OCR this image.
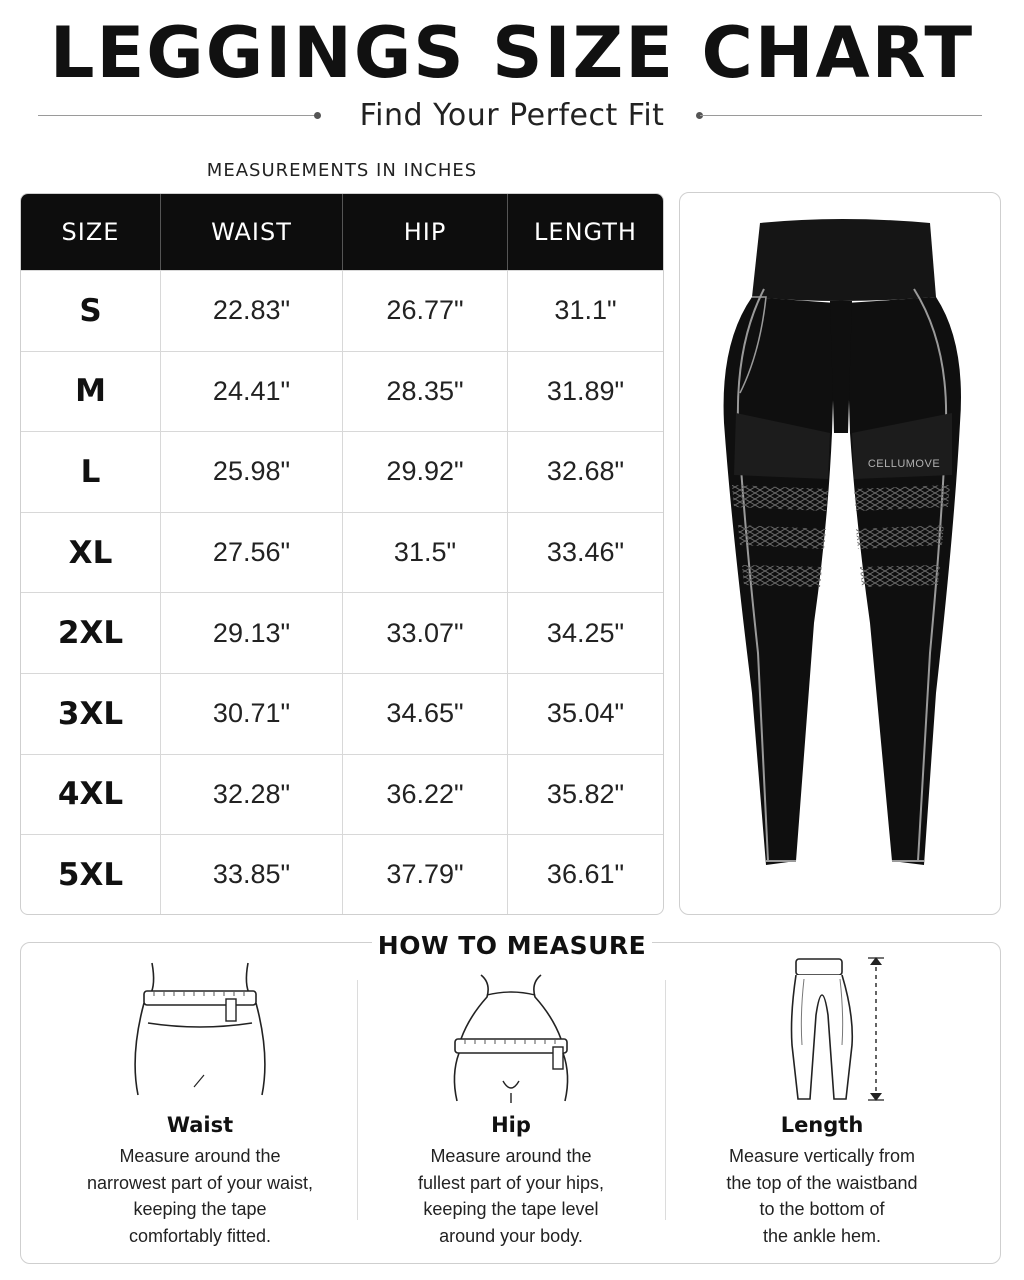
LEGGINGS SIZE CHART
Find Your Perfect Fit
MEASUREMENTS IN INCHES
SIZE	WAIST	HIP	LENGTH
S	22.83"	26.77"	31.1"
M	24.41"	28.35"	31.89"
L	25.98"	29.92"	32.68"
XL	27.56"	31.5"	33.46"
2XL	29.13"	33.07"	34.25"
3XL	30.71"	34.65"	35.04"
4XL	32.28"	36.22"	35.82"
5XL	33.85"	37.79"	36.61"
CELLUMOVE
HOW TO MEASURE
Waist
Measure around the
narrowest part of your waist,
keeping the tape
comfortably fitted.
Hip
Measure around the
fullest part of your hips,
keeping the tape level
around your body.
Length
Measure vertically from
the top of the waistband
to the bottom of
the ankle hem.
